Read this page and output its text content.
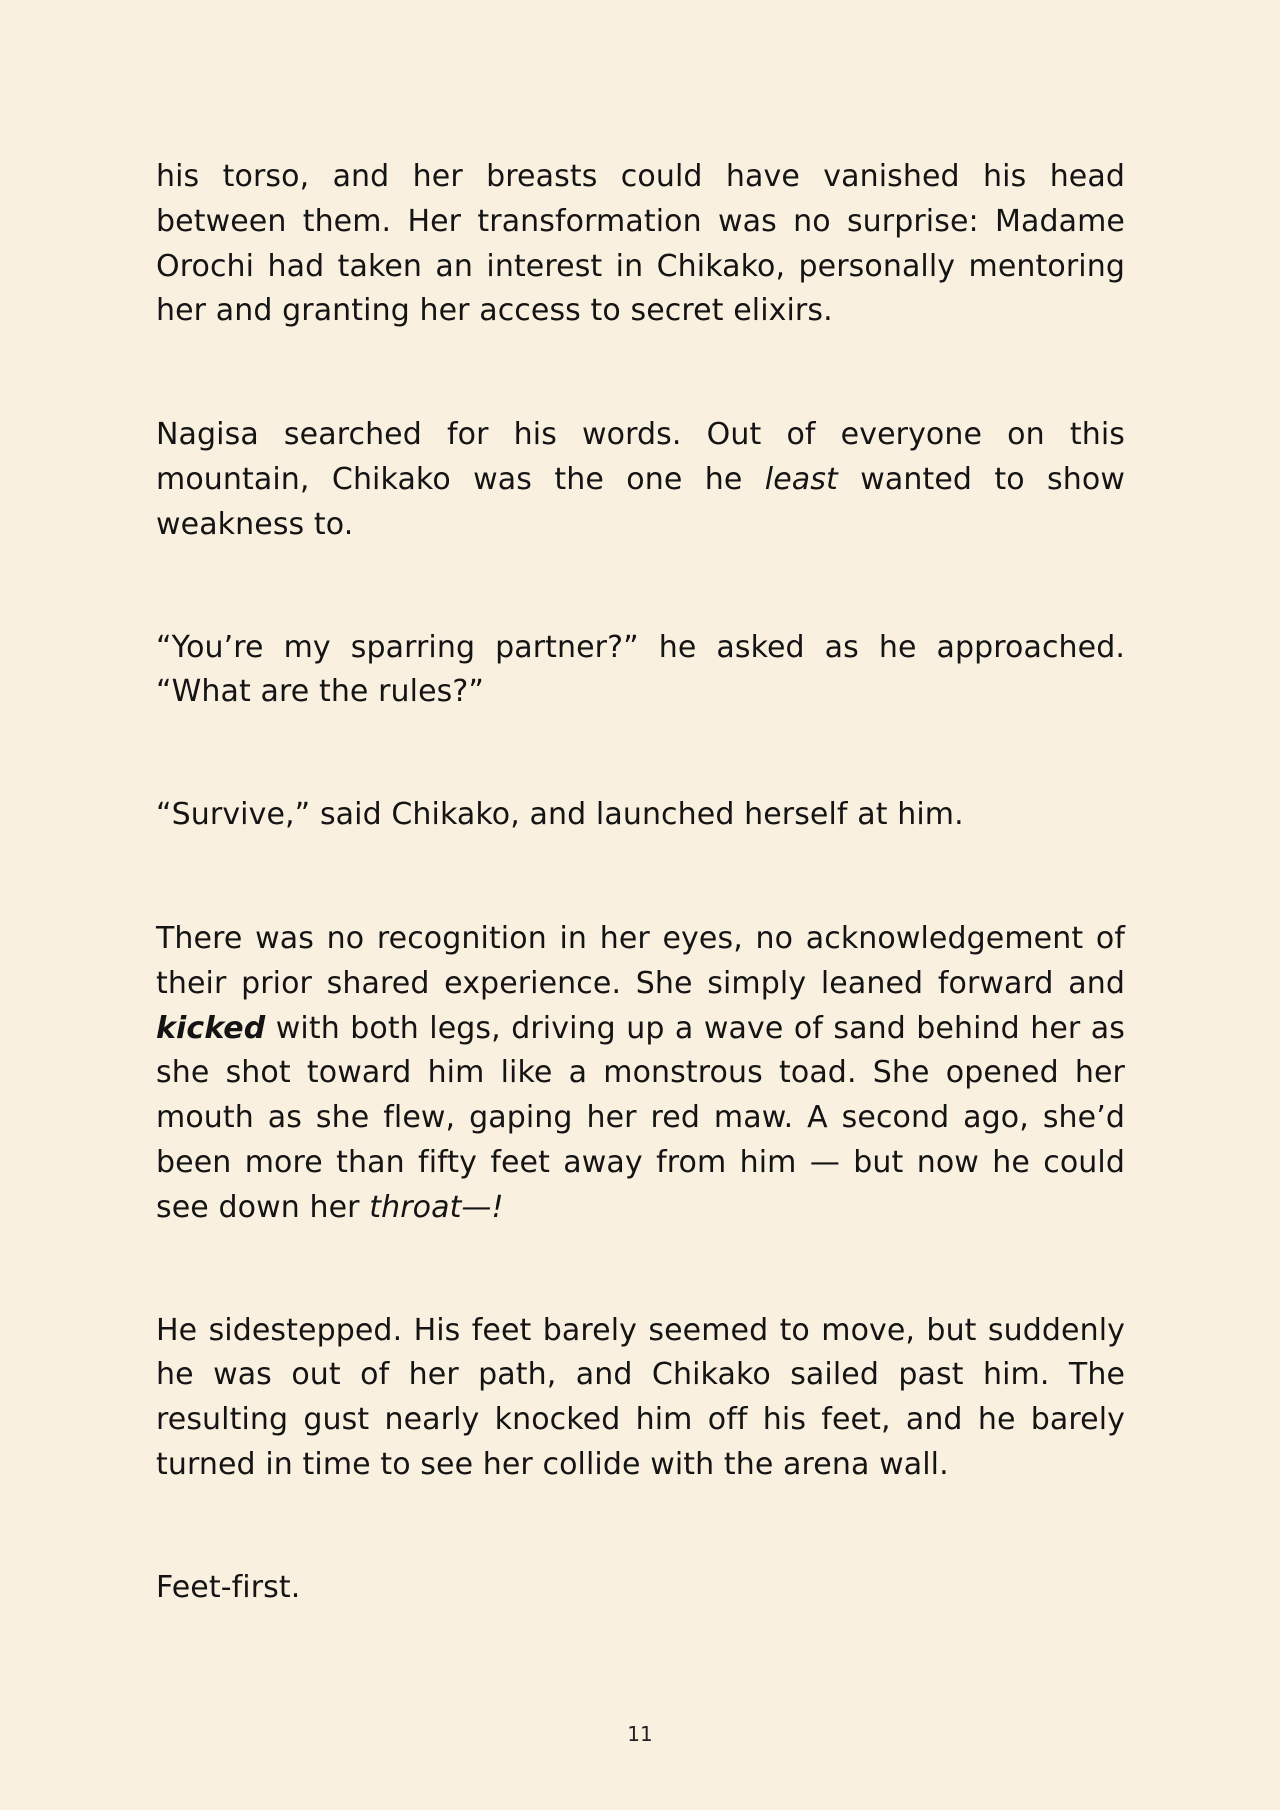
his torso, and her breasts could have vanished his head between them. Her transformation was no surprise: Madame Orochi had taken an interest in Chikako, personally mentoring her and granting her access to secret elixirs.

Nagisa searched for his words. Out of everyone on this mountain, Chikako was the one he least wanted to show weakness to.

“You’re my sparring partner?” he asked as he approached. “What are the rules?”

“Survive,” said Chikako, and launched herself at him.

There was no recognition in her eyes, no acknowledgement of their prior shared experience. She simply leaned forward and kicked with both legs, driving up a wave of sand behind her as she shot toward him like a monstrous toad. She opened her mouth as she flew, gaping her red maw. A second ago, she’d been more than fifty feet away from him — but now he could see down her throat—!

He sidestepped. His feet barely seemed to move, but suddenly he was out of her path, and Chikako sailed past him. The resulting gust nearly knocked him off his feet, and he barely turned in time to see her collide with the arena wall.

Feet-first.

11
